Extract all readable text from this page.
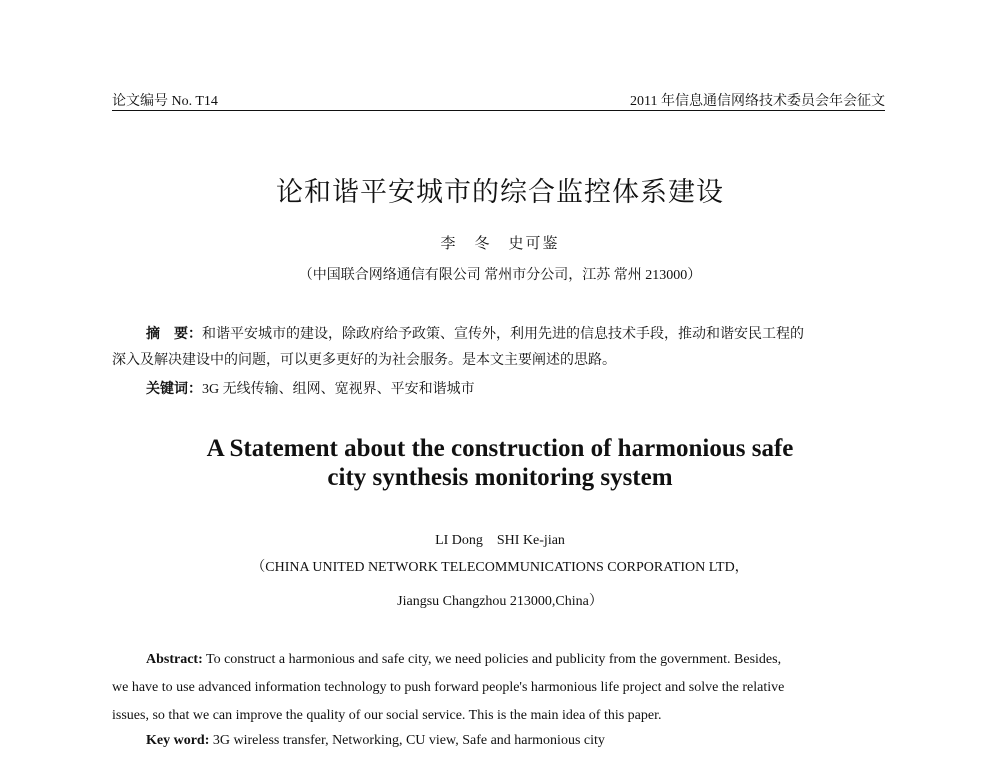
论文编号 No. T14	2011 年信息通信网络技术委员会年会征文
论和谐平安城市的综合监控体系建设
李　冬　史可鉴
（中国联合网络通信有限公司 常州市分公司，江苏 常州 213000）
摘　要：和谐平安城市的建设，除政府给予政策、宣传外，利用先进的信息技术手段，推动和谐安民工程的
深入及解决建设中的问题，可以更多更好的为社会服务。是本文主要阐述的思路。
关键词：3G 无线传输、组网、宽视界、平安和谐城市
A Statement about the construction of harmonious safe
city synthesis monitoring system
LI Dong　SHI Ke-jian
（CHINA UNITED NETWORK TELECOMMUNICATIONS CORPORATION LTD，
Jiangsu Changzhou 213000,China）
Abstract: To construct a harmonious and safe city, we need policies and publicity from the government. Besides,
we have to use advanced information technology to push forward people's harmonious life project and solve the relative
issues, so that we can improve the quality of our social service. This is the main idea of this paper.
Key word: 3G wireless transfer, Networking, CU view, Safe and harmonious city
